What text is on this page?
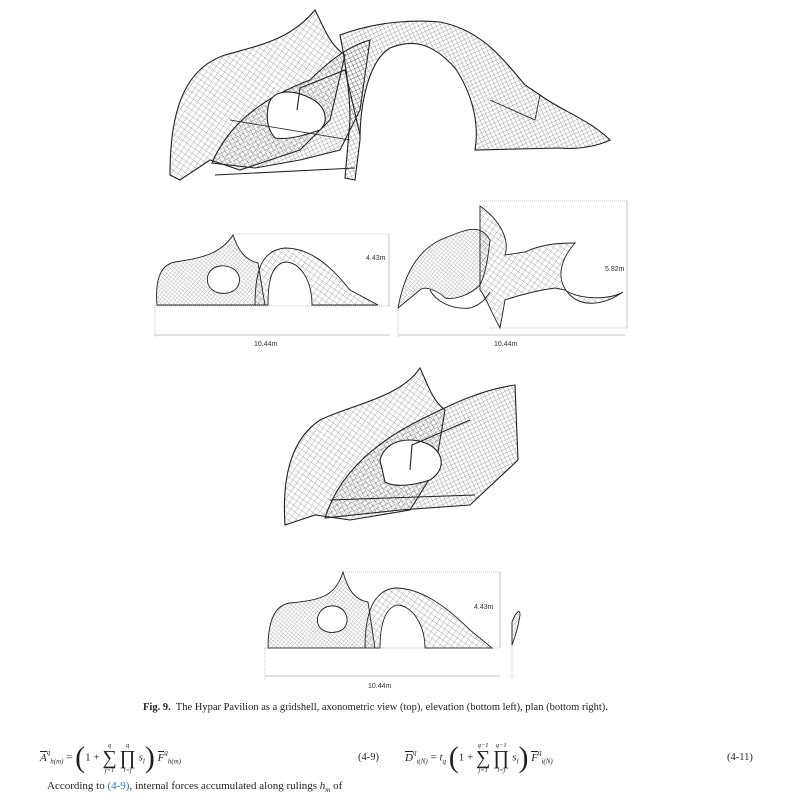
4.43m
10.44m
5.82m
10.44m
4.43m
10.44m
Fig. 9. The Hypar Pavilion as a gridshell, axonometric view (top), elevation (bottom left), plan (bottom right).
$A^q_{h(m)} = (1$ +
q
∑
j=1

q
∏
l=j
$s_l$) $F^q_{h(m)}$	(4-9) $D^q_{i(N)} = t_q$ (1 +
q−1
∑
j=1

q−1
∏
l=j
$s_l$) $F^q_{i(N)}$	(4-11)
According to (4-9), internal forces accumulated along rulings $h_m$ of
